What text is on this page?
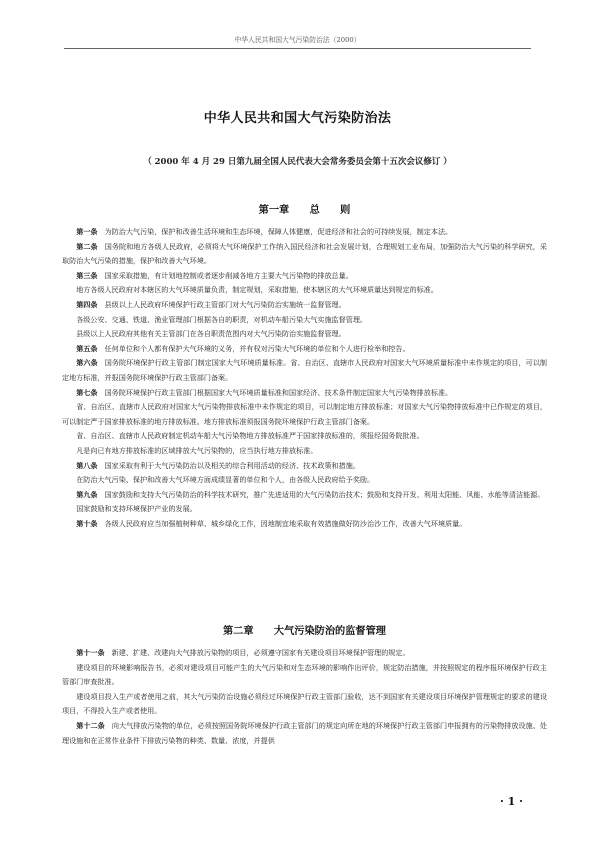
中华人民共和国大气污染防治法（2000）
中华人民共和国大气污染防治法
（ 2000 年 4 月 29 日第九届全国人民代表大会常务委员会第十五次会议修订 ）
第一章　　总　　则

第一条　 为防治大气污染，保护和改善生活环境和生态环境，保障人体健康，促进经济和社会的可持续发展，制定本法。

第二条　 国务院和地方各级人民政府，必须将大气环境保护工作纳入国民经济和社会发展计划，合理规划工业布局，加强防治大气污染的科学研究，采取防治大气污染的措施，保护和改善大气环境。

第三条　 国家采取措施，有计划地控制或者逐步削减各地方主要大气污染物的排放总量。

地方各级人民政府对本辖区的大气环境质量负责，制定规划，采取措施，使本辖区的大气环境质量达到规定的标准。

第四条　 县级以上人民政府环境保护行政主管部门对大气污染防治实施统一监督管理。

各级公安、交通、铁道、渔业管理部门根据各自的职责，对机动车船污染大气实施监督管理。

县级以上人民政府其他有关主管部门在各自职责范围内对大气污染防治实施监督管理。

第五条　 任何单位和个人都有保护大气环境的义务，并有权对污染大气环境的单位和个人进行检举和控告。

第六条　 国务院环境保护行政主管部门制定国家大气环境质量标准。省、自治区、直辖市人民政府对国家大气环境质量标准中未作规定的项目，可以制定地方标准，并报国务院环境保护行政主管部门备案。

第七条　 国务院环境保护行政主管部门根据国家大气环境质量标准和国家经济、技术条件制定国家大气污染物排放标准。

省、自治区、直辖市人民政府对国家大气污染物排放标准中未作规定的项目，可以制定地方排放标准；对国家大气污染物排放标准中已作规定的项目，可以制定严于国家排放标准的地方排放标准。地方排放标准须报国务院环境保护行政主管部门备案。

省、自治区、直辖市人民政府制定机动车船大气污染物地方排放标准严于国家排放标准的，须报经国务院批准。

凡是向已有地方排放标准的区域排放大气污染物的，应当执行地方排放标准。

第八条　 国家采取有利于大气污染防治以及相关的综合利用活动的经济、技术政策和措施。

在防治大气污染、保护和改善大气环境方面成绩显著的单位和个人，由各级人民政府给予奖励。

第九条　 国家鼓励和支持大气污染防治的科学技术研究，推广先进适用的大气污染防治技术；鼓励和支持开发、利用太阳能、风能、水能等清洁能源。

国家鼓励和支持环境保护产业的发展。

第十条　 各级人民政府应当加强植树种草、城乡绿化工作，因地制宜地采取有效措施做好防沙治沙工作，改善大气环境质量。

第二章　　大气污染防治的监督管理

第十一条　 新建、扩建、改建向大气排放污染物的项目，必须遵守国家有关建设项目环境保护管理的规定。

建设项目的环境影响报告书，必须对建设项目可能产生的大气污染和对生态环境的影响作出评价，规定防治措施，并按照规定的程序报环境保护行政主管部门审查批准。

建设项目投入生产或者使用之前，其大气污染防治设施必须经过环境保护行政主管部门验收，达不到国家有关建设项目环境保护管理规定的要求的建设项目，不得投入生产或者使用。

第十二条　 向大气排放污染物的单位，必须按照国务院环境保护行政主管部门的规定向所在地的环境保护行政主管部门申报拥有的污染物排放设施、处理设施和在正常作业条件下排放污染物的种类、数量、浓度，并提供

· 1 ·
